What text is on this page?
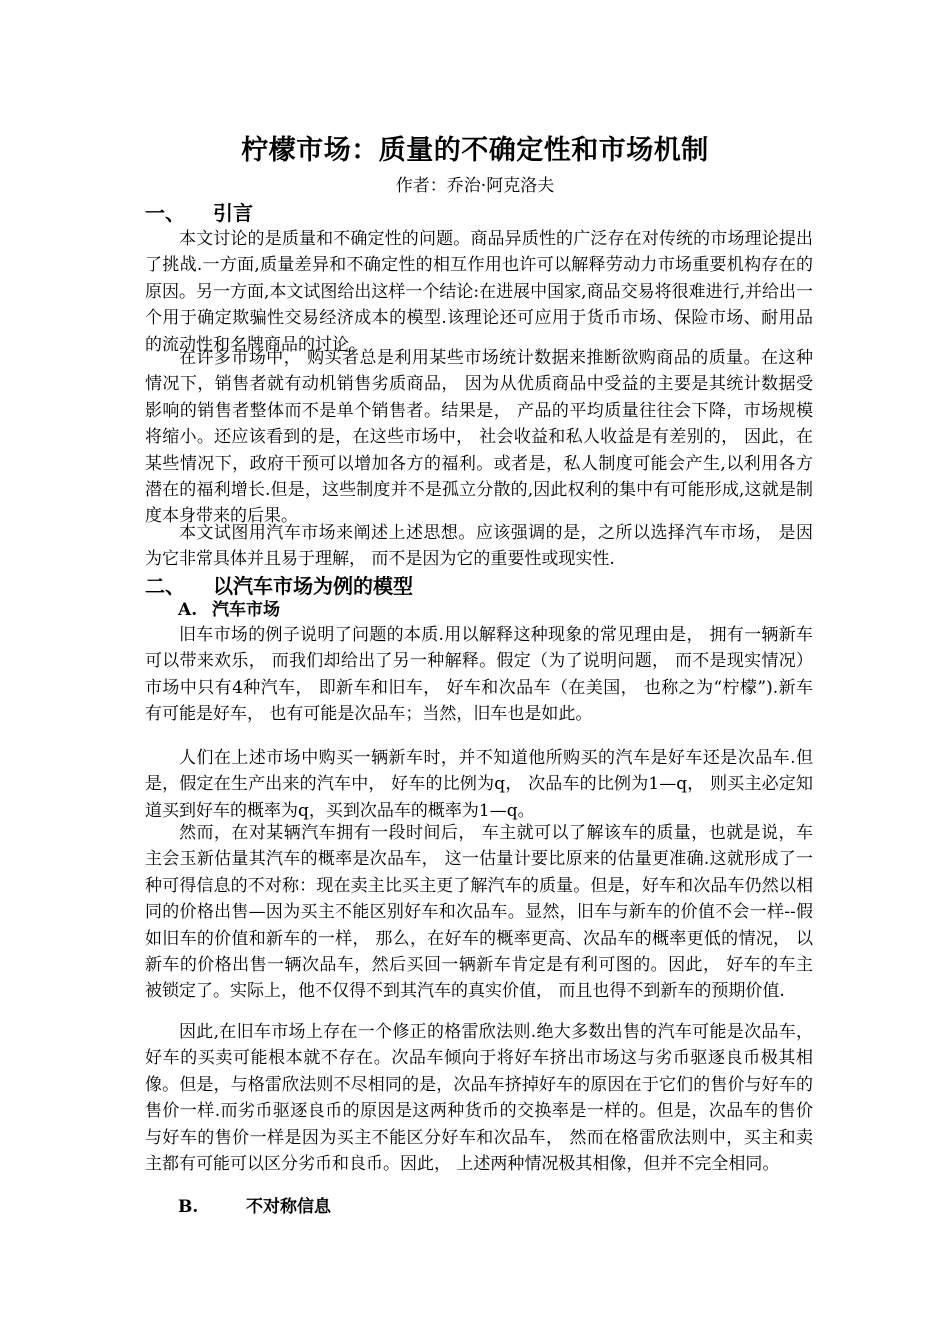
柠檬市场：质量的不确定性和市场机制
作者：乔治·阿克洛夫
一、 引言

本文讨论的是质量和不确定性的问题。商品异质性的广泛存在对传统的市场理论提出了挑战.一方面,质量差异和不确定性的相互作用也许可以解释劳动力市场重要机构存在的原因。另一方面,本文试图给出这样一个结论:在进展中国家,商品交易将很难进行,并给出一个用于确定欺骗性交易经济成本的模型.该理论还可应用于货币市场、保险市场、耐用品的流动性和名牌商品的讨论。

在许多市场中， 购买者总是利用某些市场统计数据来推断欲购商品的质量。在这种情况下，销售者就有动机销售劣质商品， 因为从优质商品中受益的主要是其统计数据受影响的销售者整体而不是单个销售者。结果是， 产品的平均质量往往会下降，市场规模将缩小。还应该看到的是，在这些市场中， 社会收益和私人收益是有差别的， 因此，在某些情况下，政府干预可以增加各方的福利。或者是，私人制度可能会产生,以利用各方潜在的福利增长.但是，这些制度并不是孤立分散的,因此权利的集中有可能形成,这就是制度本身带来的后果。

本文试图用汽车市场来阐述上述思想。应该强调的是，之所以选择汽车市场， 是因为它非常具体并且易于理解， 而不是因为它的重要性或现实性.

二、 以汽车市场为例的模型
A. 汽车市场

旧车市场的例子说明了问题的本质.用以解释这种现象的常见理由是， 拥有一辆新车可以带来欢乐， 而我们却给出了另一种解释。假定（为了说明问题， 而不是现实情况）市场中只有4种汽车， 即新车和旧车， 好车和次品车（在美国， 也称之为“柠檬”).新车有可能是好车， 也有可能是次品车；当然，旧车也是如此。

人们在上述市场中购买一辆新车时，并不知道他所购买的汽车是好车还是次品车.但是，假定在生产出来的汽车中， 好车的比例为q， 次品车的比例为1—q， 则买主必定知道买到好车的概率为q，买到次品车的概率为1—q。

然而，在对某辆汽车拥有一段时间后， 车主就可以了解该车的质量，也就是说，车主会玉新估量其汽车的概率是次品车， 这一估量计要比原来的估量更准确.这就形成了一种可得信息的不对称：现在卖主比买主更了解汽车的质量。但是，好车和次品车仍然以相同的价格出售—因为买主不能区别好车和次品车。显然，旧车与新车的价值不会一样--假如旧车的价值和新车的一样， 那么，在好车的概率更高、次品车的概率更低的情况， 以新车的价格出售一辆次品车，然后买回一辆新车肯定是有利可图的。因此， 好车的车主被锁定了。实际上，他不仅得不到其汽车的真实价值， 而且也得不到新车的预期价值.

因此,在旧车市场上存在一个修正的格雷欣法则.绝大多数出售的汽车可能是次品车， 好车的买卖可能根本就不存在。次品车倾向于将好车挤出市场这与劣币驱逐良币极其相像。但是，与格雷欣法则不尽相同的是，次品车挤掉好车的原因在于它们的售价与好车的售价一样.而劣币驱逐良币的原因是这两种货币的交换率是一样的。但是，次品车的售价与好车的售价一样是因为买主不能区分好车和次品车， 然而在格雷欣法则中，买主和卖主都有可能可以区分劣币和良币。因此， 上述两种情况极其相像，但并不完全相同。

B.	不对称信息
